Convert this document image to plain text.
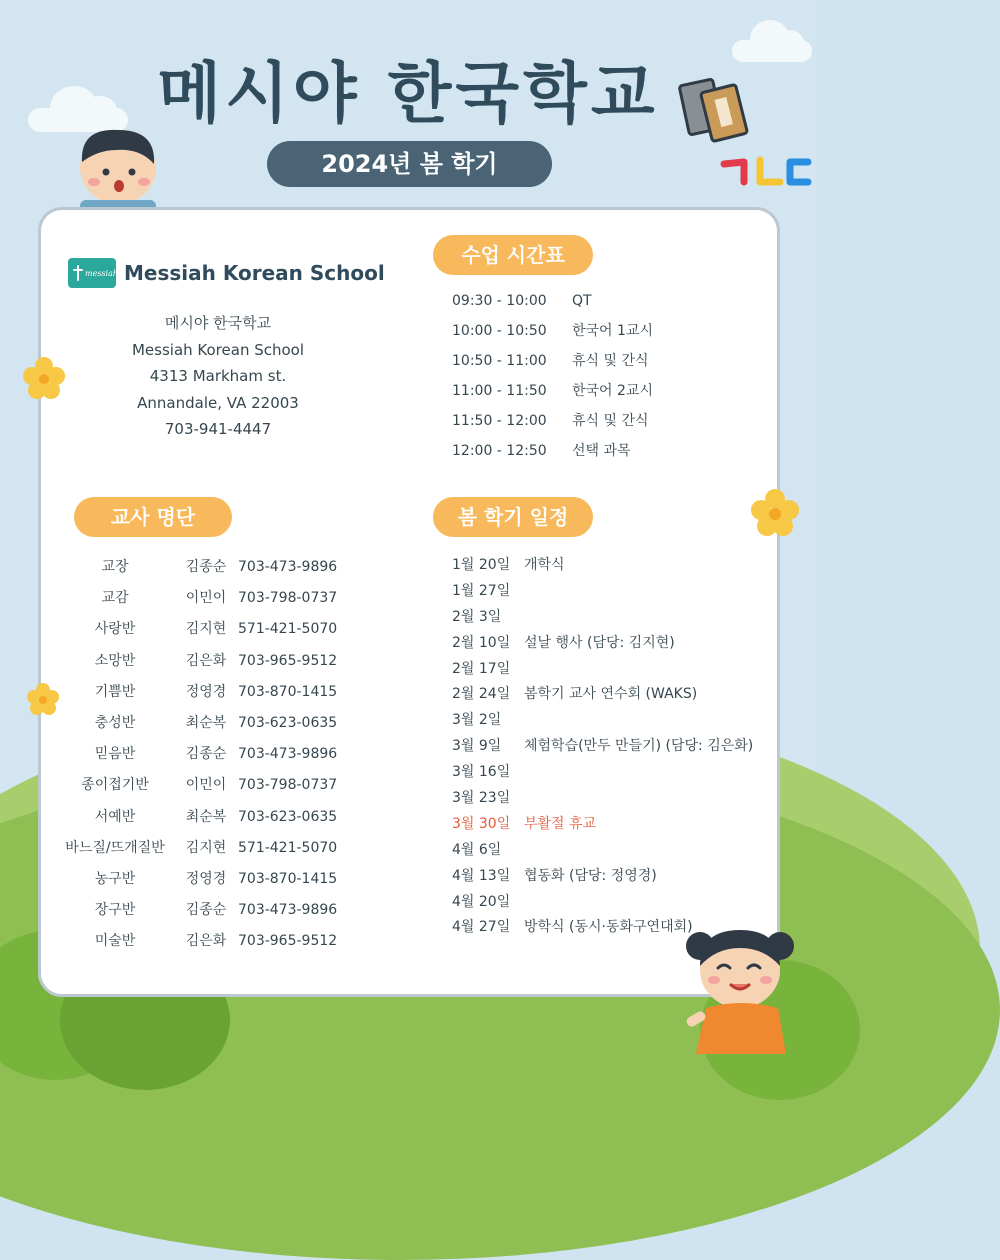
메시야 한국학교
2024년 봄 학기
수업 시간표
교사 명단	봄 학기 일정
messiah Messiah Korean School
메시야 한국학교
Messiah Korean School
4313 Markham st.
Annandale, VA 22003
703-941-4447
09:30 - 10:00 QT
10:00 - 10:50 한국어 1교시
10:50 - 11:00 휴식 및 간식
11:00 - 11:50 한국어 2교시
11:50 - 12:00 휴식 및 간식
12:00 - 12:50 선택 과목
교장	김종순 703-473-9896
교감	이민이 703-798-0737
사랑반	김지현 571-421-5070
소망반	김은화 703-965-9512
기쁨반	정영경 703-870-1415
충성반	최순복 703-623-0635
믿음반	김종순 703-473-9896
종이접기반	이민이 703-798-0737
서예반	최순복 703-623-0635
바느질/뜨개질반 김지현 571-421-5070
농구반	정영경 703-870-1415
장구반	김종순 703-473-9896
미술반	김은화 703-965-9512
1월 20일 개학식
1월 27일
2월 3일
2월 10일 설날 행사 (담당: 김지현)
2월 17일
2월 24일 봄학기 교사 연수회 (WAKS)
3월 2일
3월 9일 체험학습(만두 만들기) (담당: 김은화)
3월 16일
3월 23일
3월 30일 부활절 휴교
4월 6일
4월 13일 협동화 (담당: 정영경)
4월 20일
4월 27일 방학식 (동시·동화구연대회)
